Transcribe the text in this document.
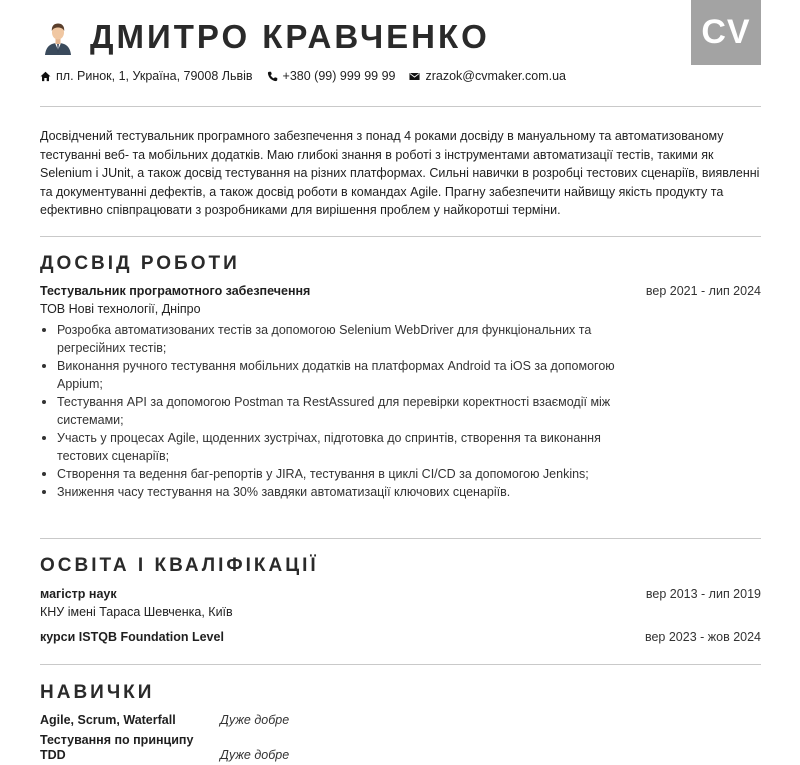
CV
ДМИТРО КРАВЧЕНКО
пл. Ринок, 1, Україна, 79008 Львів +380 (99) 999 99 99 zrazok@cvmaker.com.ua

Досвідчений тестувальник програмного забезпечення з понад 4 роками досвіду в мануальному та автоматизованому тестуванні веб- та мобільних додатків. Маю глибокі знання в роботі з інструментами автоматизації тестів, такими як Selenium і JUnit, а також досвід тестування на різних платформах. Сильні навички в розробці тестових сценаріїв, виявленні та документуванні дефектів, а також досвід роботи в командах Agile. Прагну забезпечити найвищу якість продукту та ефективно співпрацювати з розробниками для вирішення проблем у найкоротші терміни.

ДОСВІД РОБОТИ
Тестувальник програмотного забезпечення	вер 2021 - лип 2024
ТОВ Нові технології, Дніпро
Розробка автоматизованих тестів за допомогою Selenium WebDriver для функціональних та регресійних тестів;
Виконання ручного тестування мобільних додатків на платформах Android та iOS за допомогою Appium;
Тестування API за допомогою Postman та RestAssured для перевірки коректності взаємодії між системами;
Участь у процесах Agile, щоденних зустрічах, підготовка до спринтів, створення та виконання тестових сценаріїв;
Створення та ведення баг-репортів у JIRA, тестування в циклі CI/CD за допомогою Jenkins;
Зниження часу тестування на 30% завдяки автоматизації ключових сценаріїв.
ОСВІТА І КВАЛІФІКАЦІЇ
магістр наук	вер 2013 - лип 2019
КНУ імені Тараса Шевченка, Київ
курси ISTQB Foundation Level	вер 2023 - жов 2024
НАВИЧКИ
Agile, Scrum, Waterfall	Дуже добре
Тестування по принципу TDD	Дуже добре
